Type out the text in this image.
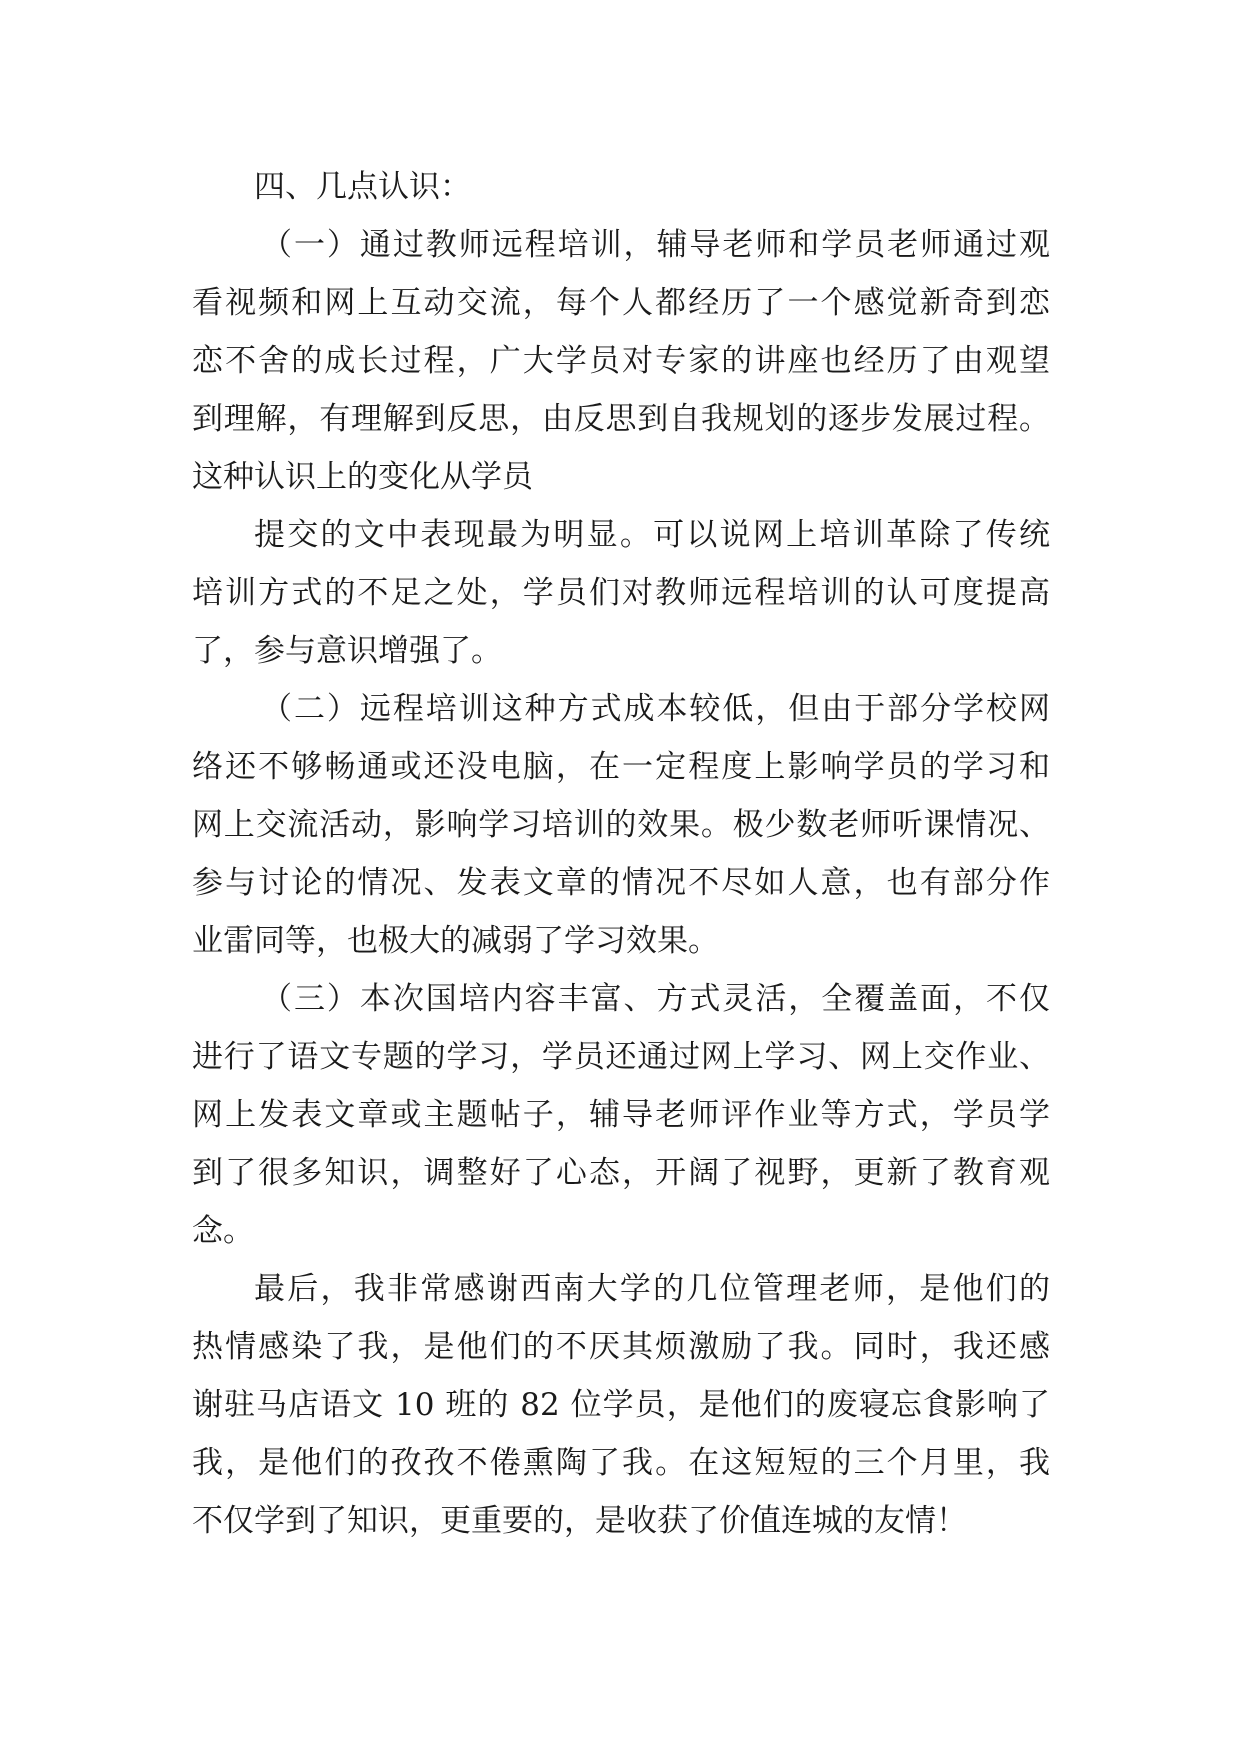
四、几点认识：
（一）通过教师远程培训，辅导老师和学员老师通过观
看视频和网上互动交流，每个人都经历了一个感觉新奇到恋
恋不舍的成长过程，广大学员对专家的讲座也经历了由观望
到理解，有理解到反思，由反思到自我规划的逐步发展过程。
这种认识上的变化从学员
提交的文中表现最为明显。可以说网上培训革除了传统
培训方式的不足之处，学员们对教师远程培训的认可度提高
了，参与意识增强了。
（二）远程培训这种方式成本较低，但由于部分学校网
络还不够畅通或还没电脑，在一定程度上影响学员的学习和
网上交流活动，影响学习培训的效果。极少数老师听课情况、
参与讨论的情况、发表文章的情况不尽如人意，也有部分作
业雷同等，也极大的减弱了学习效果。
（三）本次国培内容丰富、方式灵活，全覆盖面，不仅
进行了语文专题的学习，学员还通过网上学习、网上交作业、
网上发表文章或主题帖子，辅导老师评作业等方式，学员学
到了很多知识，调整好了心态，开阔了视野，更新了教育观
念。
最后，我非常感谢西南大学的几位管理老师，是他们的
热情感染了我，是他们的不厌其烦激励了我。同时，我还感
谢驻马店语文 10 班的 82 位学员，是他们的废寝忘食影响了
我，是他们的孜孜不倦熏陶了我。在这短短的三个月里，我
不仅学到了知识，更重要的，是收获了价值连城的友情！
